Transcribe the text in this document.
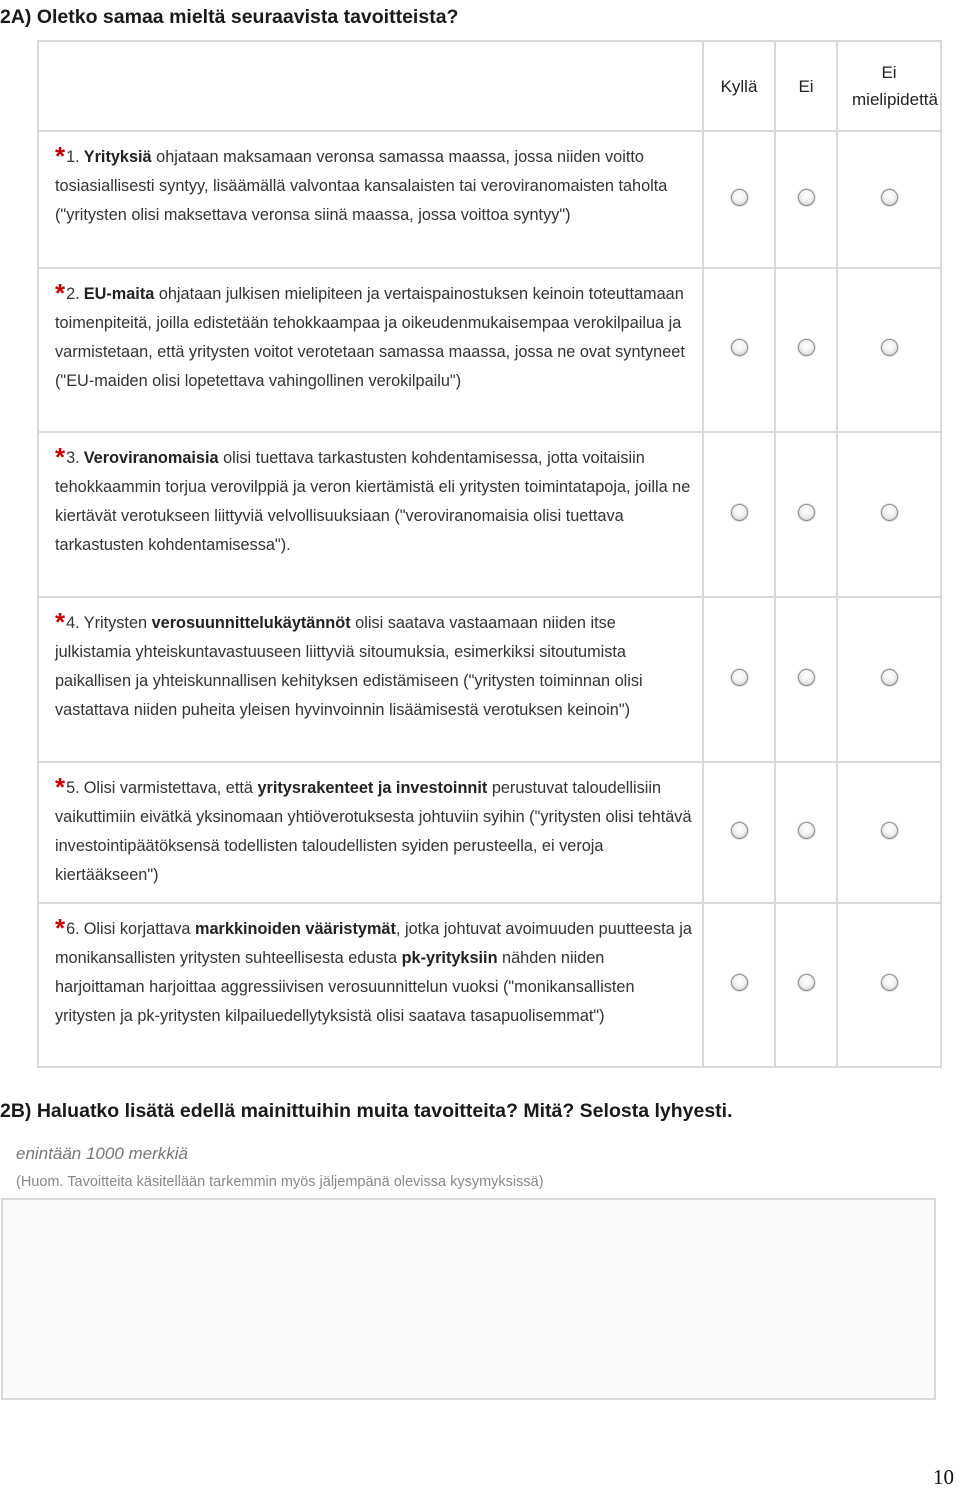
2A) Oletko samaa mieltä seuraavista tavoitteista?
	Kyllä	Ei	Ei mielipidettä
*1. Yrityksiä ohjataan maksamaan veronsa samassa maassa, jossa niiden voitto tosiasiallisesti syntyy, lisäämällä valvontaa kansalaisten tai veroviranomaisten taholta ("yritysten olisi maksettava veronsa siinä maassa, jossa voittoa syntyy")			
*2. EU-maita ohjataan julkisen mielipiteen ja vertaispainostuksen keinoin toteuttamaan toimenpiteitä, joilla edistetään tehokkaampaa ja oikeudenmukaisempaa verokilpailua ja varmistetaan, että yritysten voitot verotetaan samassa maassa, jossa ne ovat syntyneet ("EU-maiden olisi lopetettava vahingollinen verokilpailu")			
*3. Veroviranomaisia olisi tuettava tarkastusten kohdentamisessa, jotta voitaisiin tehokkaammin torjua verovilppiä ja veron kiertämistä eli yritysten toimintatapoja, joilla ne kiertävät verotukseen liittyviä velvollisuuksiaan ("veroviranomaisia olisi tuettava tarkastusten kohdentamisessa").			
*4. Yritysten verosuunnittelukäytännöt olisi saatava vastaamaan niiden itse julkistamia yhteiskuntavastuuseen liittyviä sitoumuksia, esimerkiksi sitoutumista paikallisen ja yhteiskunnallisen kehityksen edistämiseen ("yritysten toiminnan olisi vastattava niiden puheita yleisen hyvinvoinnin lisäämisestä verotuksen keinoin")			
*5. Olisi varmistettava, että yritysrakenteet ja investoinnit perustuvat taloudellisiin vaikuttimiin eivätkä yksinomaan yhtiöverotuksesta johtuviin syihin ("yritysten olisi tehtävä investointipäätöksensä todellisten taloudellisten syiden perusteella, ei veroja kiertääkseen")			
*6. Olisi korjattava markkinoiden vääristymät, jotka johtuvat avoimuuden puutteesta ja monikansallisten yritysten suhteellisesta edusta pk-yrityksiin nähden niiden harjoittaman harjoittaa aggressiivisen verosuunnittelun vuoksi ("monikansallisten yritysten ja pk-yritysten kilpailuedellytyksistä olisi saatava tasapuolisemmat")			
2B) Haluatko lisätä edellä mainittuihin muita tavoitteita? Mitä? Selosta lyhyesti.

enintään 1000 merkkiä

(Huom. Tavoitteita käsitellään tarkemmin myös jäljempänä olevissa kysymyksissä)

10
